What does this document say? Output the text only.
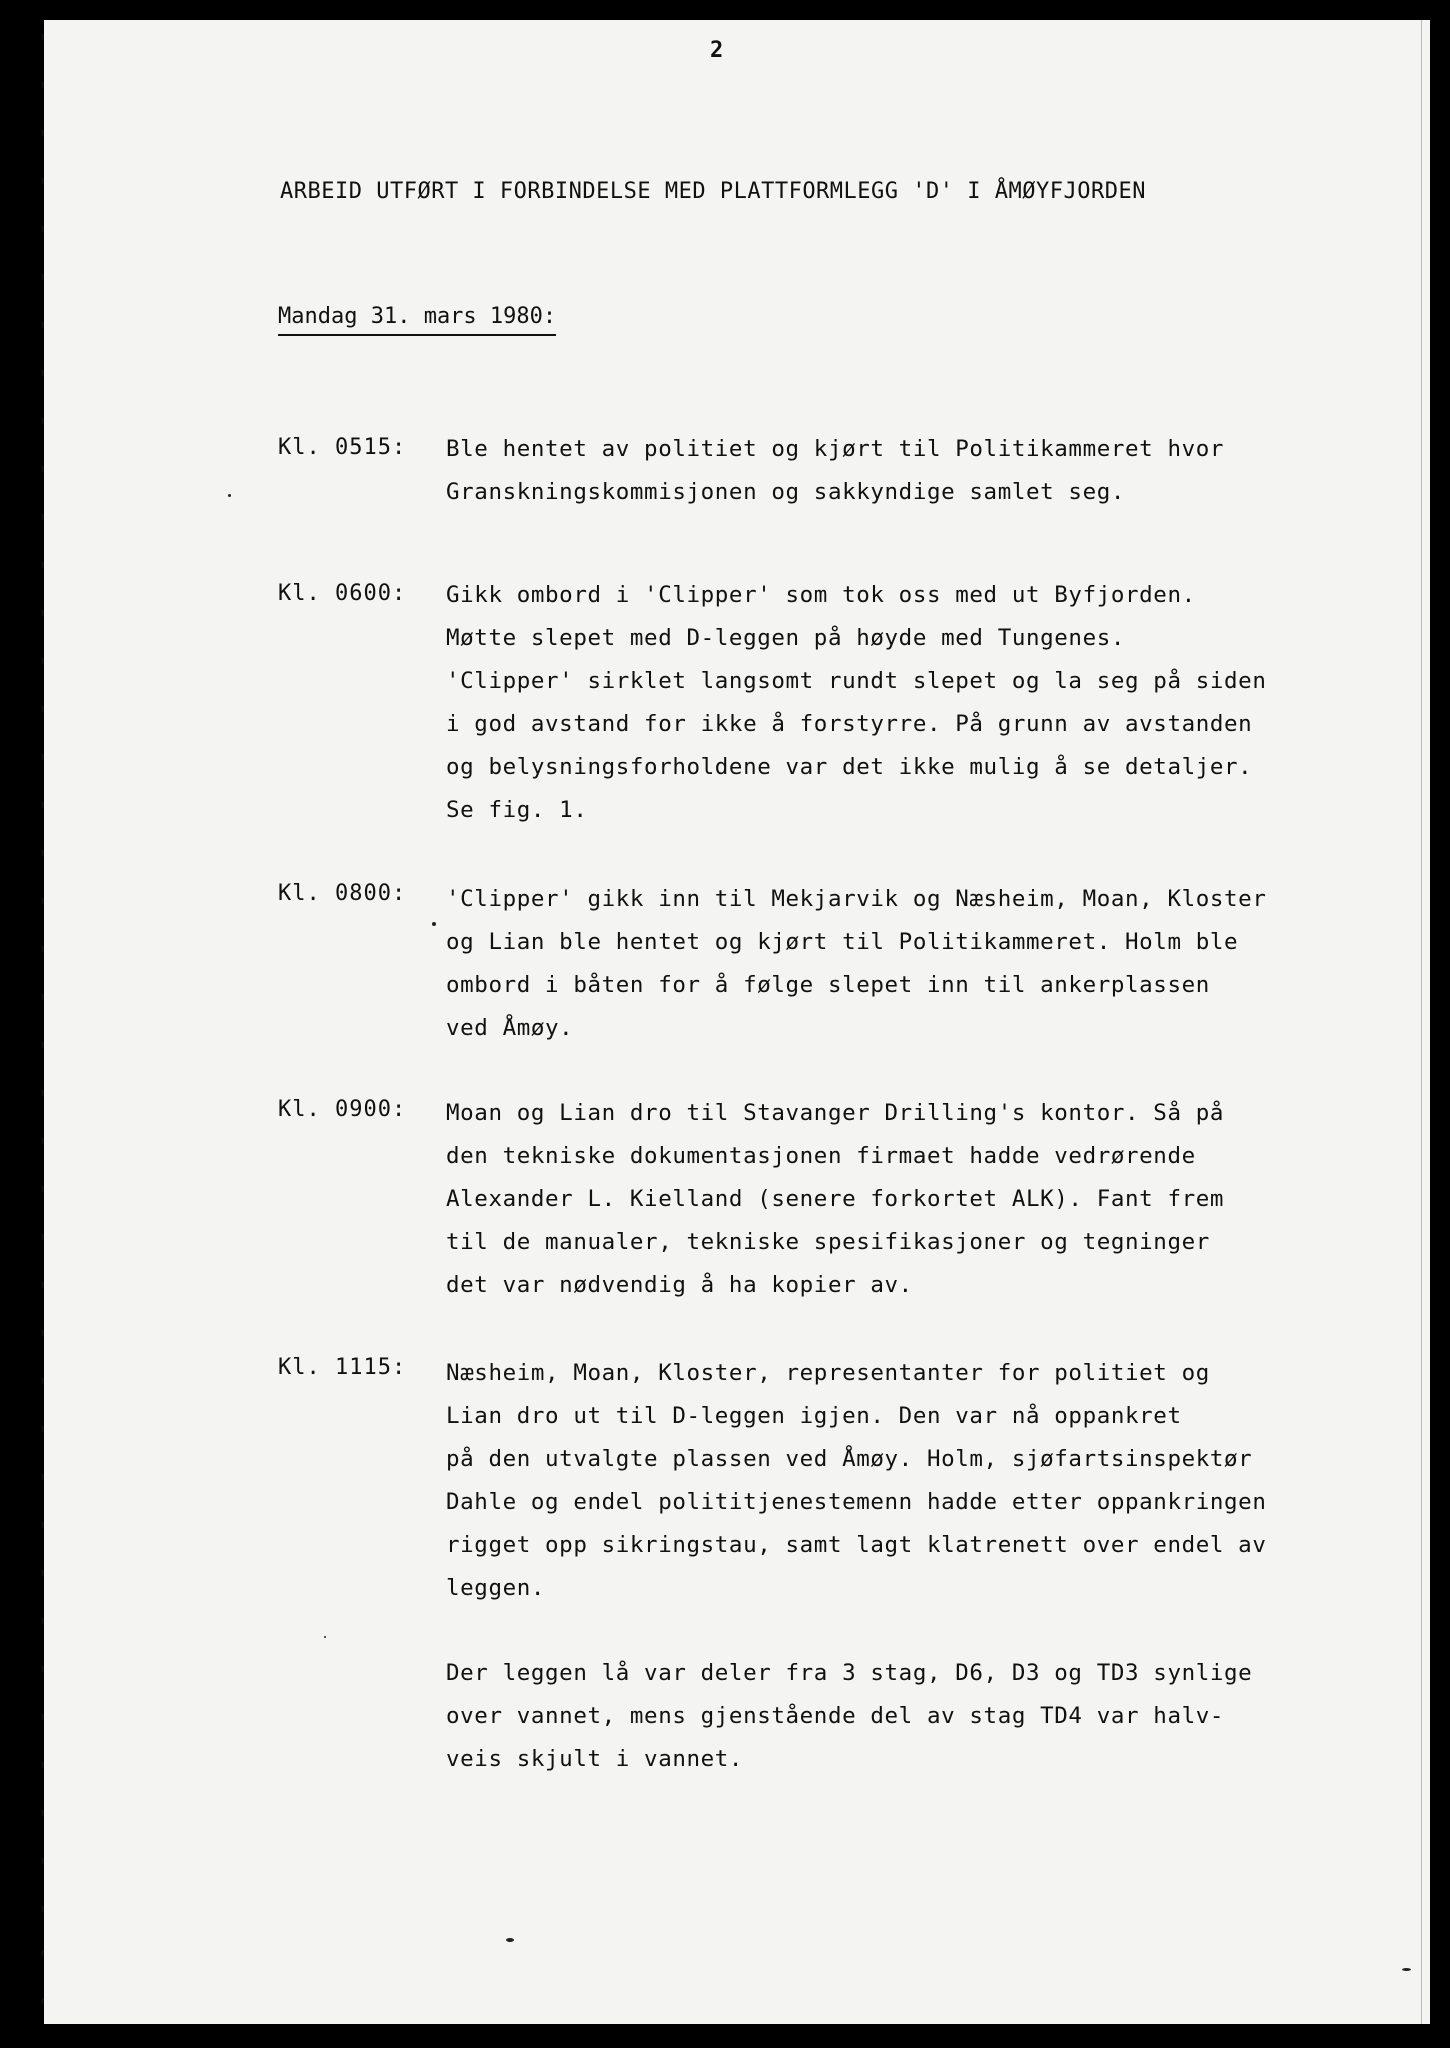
2
ARBEID UTFØRT I FORBINDELSE MED PLATTFORMLEGG 'D' I ÅMØYFJORDEN
Mandag 31. mars 1980:
Kl. 0515: Ble hentet av politiet og kjørt til Politikammeret hvor
Granskningskommisjonen og sakkyndige samlet seg.
Kl. 0600: Gikk ombord i 'Clipper' som tok oss med ut Byfjorden.
Møtte slepet med D-leggen på høyde med Tungenes.
'Clipper' sirklet langsomt rundt slepet og la seg på siden
i god avstand for ikke å forstyrre. På grunn av avstanden
og belysningsforholdene var det ikke mulig å se detaljer.
Se fig. 1.
Kl. 0800: 'Clipper' gikk inn til Mekjarvik og Næsheim, Moan, Kloster
og Lian ble hentet og kjørt til Politikammeret. Holm ble
ombord i båten for å følge slepet inn til ankerplassen
ved Åmøy.
Kl. 0900: Moan og Lian dro til Stavanger Drilling's kontor. Så på
den tekniske dokumentasjonen firmaet hadde vedrørende
Alexander L. Kielland (senere forkortet ALK). Fant frem
til de manualer, tekniske spesifikasjoner og tegninger
det var nødvendig å ha kopier av.
Kl. 1115: Næsheim, Moan, Kloster, representanter for politiet og
Lian dro ut til D-leggen igjen. Den var nå oppankret
på den utvalgte plassen ved Åmøy. Holm, sjøfartsinspektør
Dahle og endel polititjenestemenn hadde etter oppankringen
rigget opp sikringstau, samt lagt klatrenett over endel av
leggen.
Der leggen lå var deler fra 3 stag, D6, D3 og TD3 synlige
over vannet, mens gjenstående del av stag TD4 var halv-
veis skjult i vannet.
